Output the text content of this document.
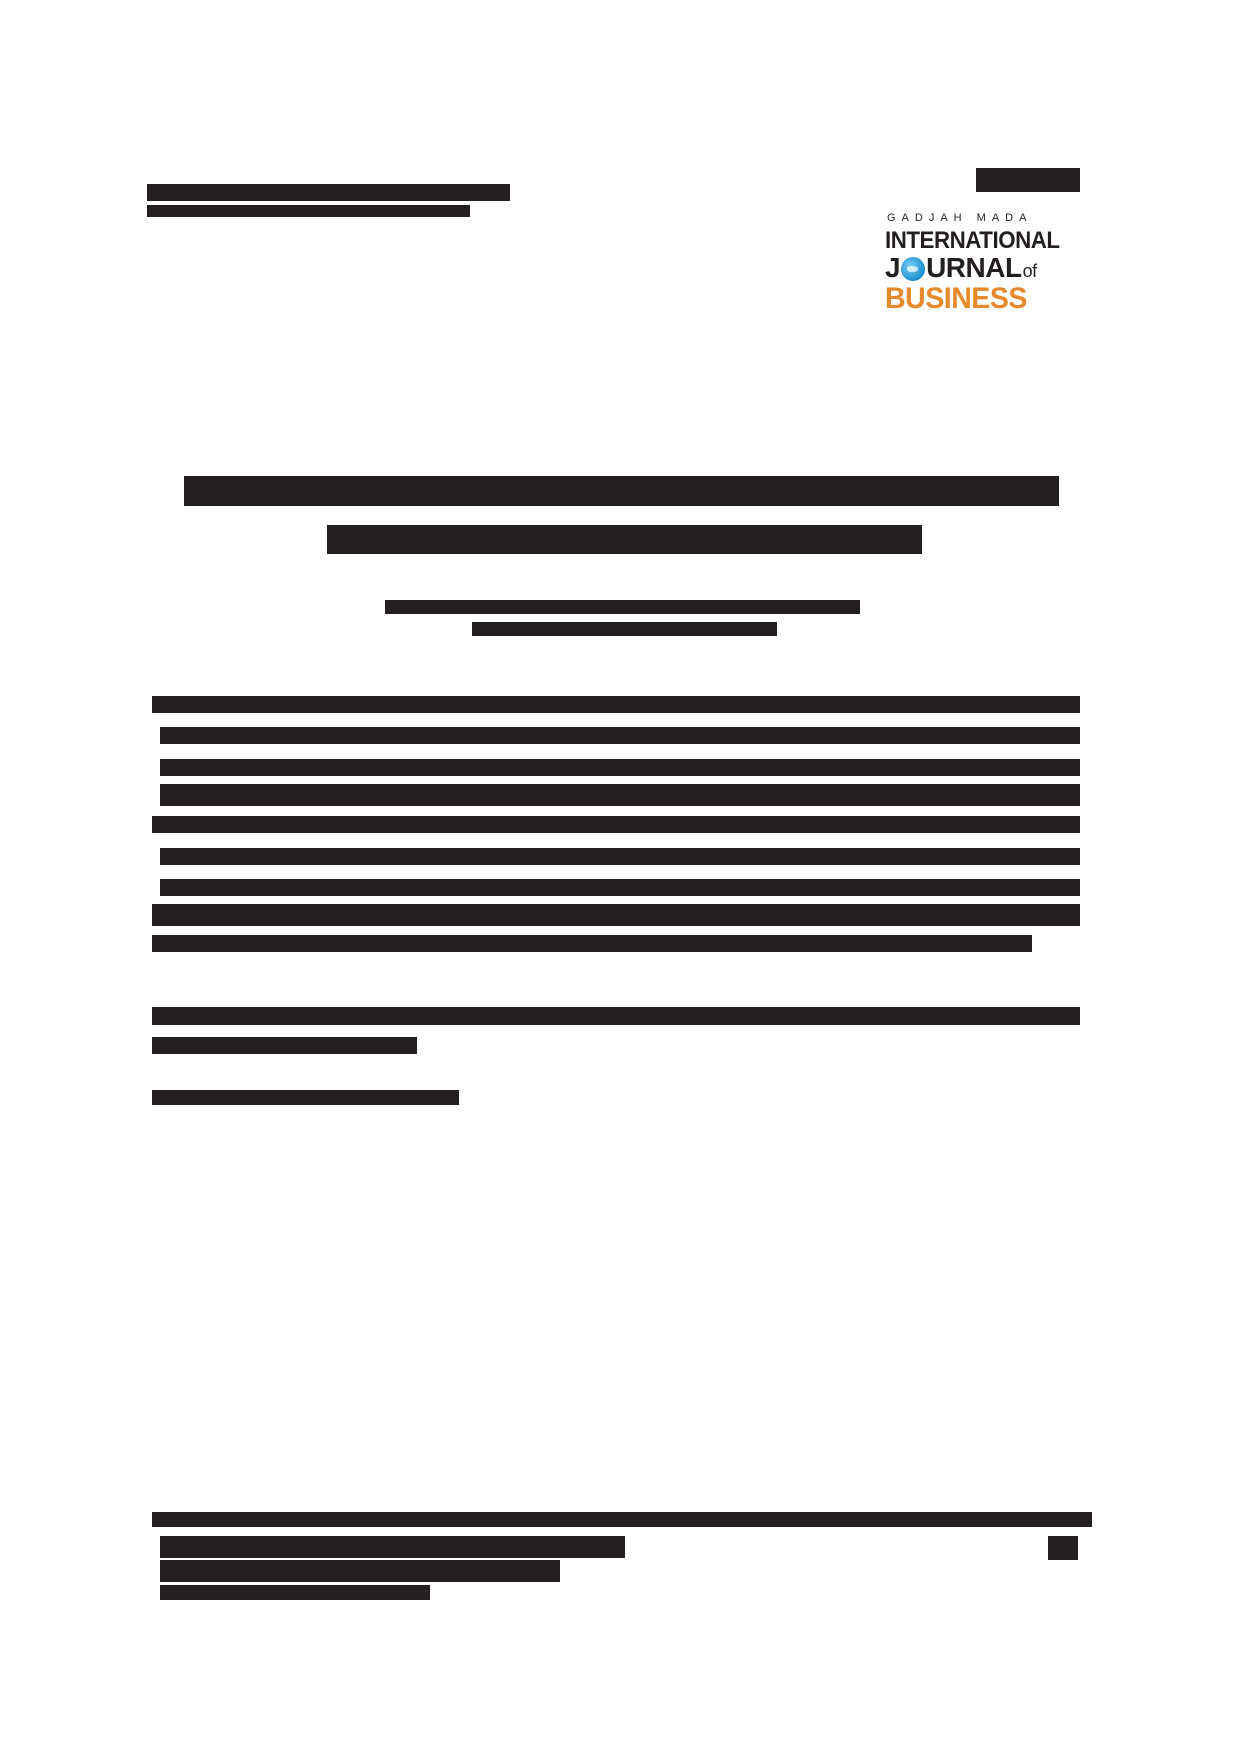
GADJAH MADA
INTERNATIONAL
J URNAL of
BUSINESS
